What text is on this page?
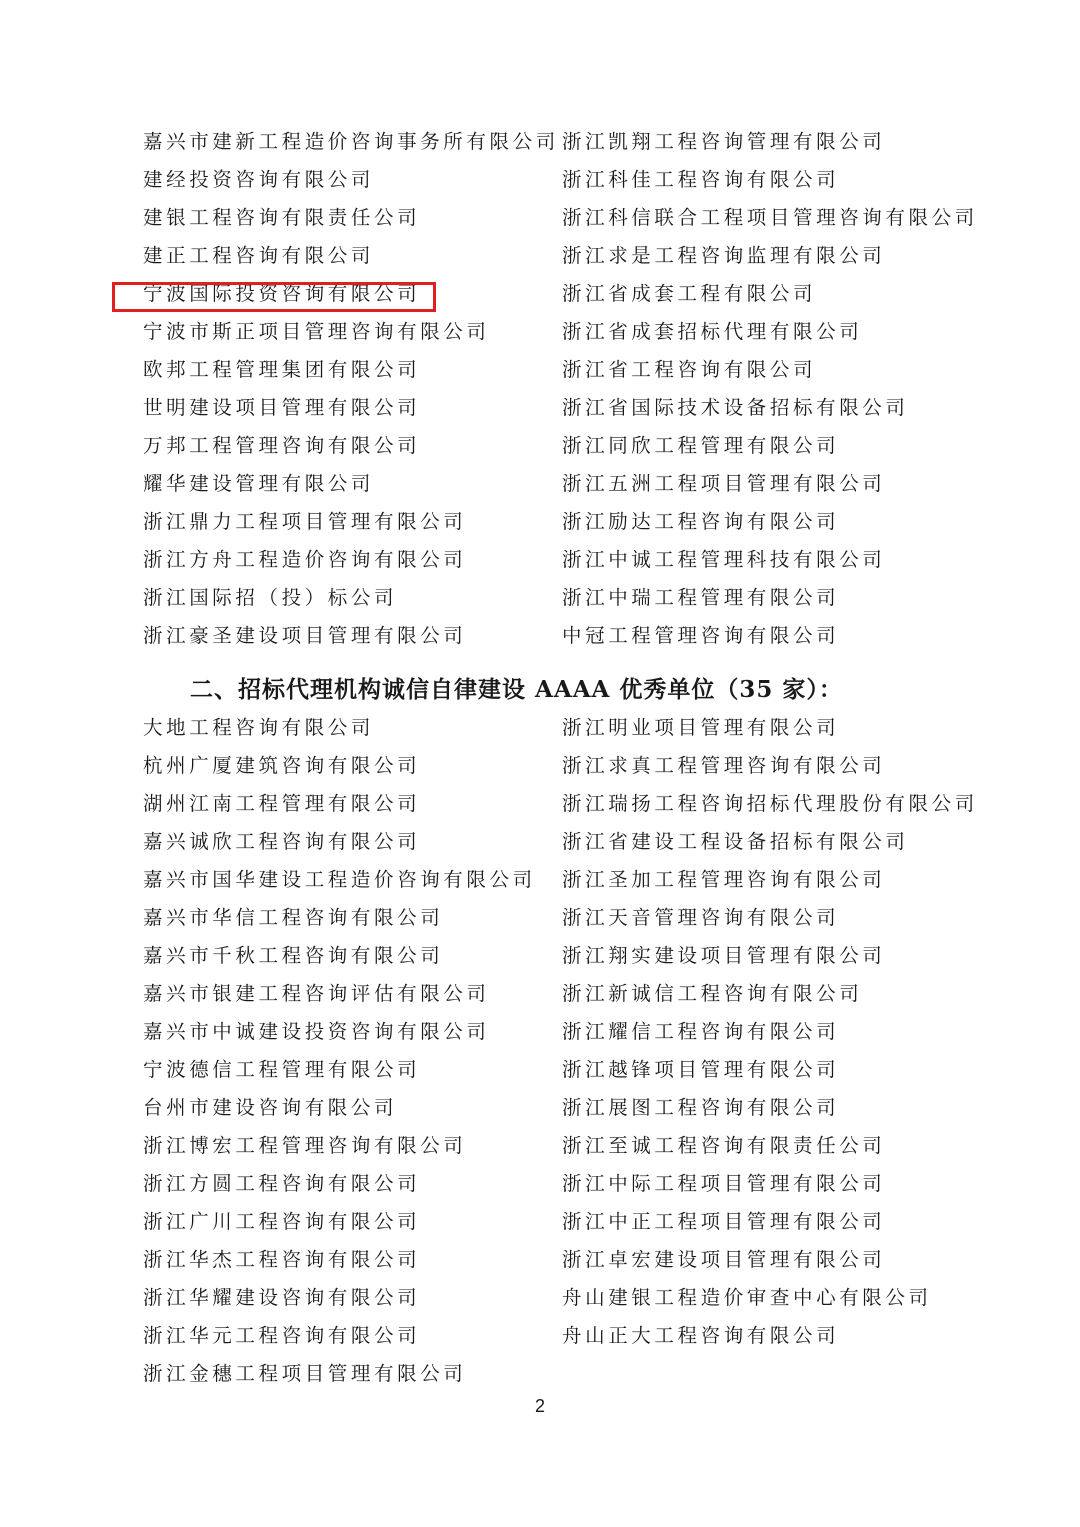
嘉兴市建新工程造价咨询事务所有限公司
建经投资咨询有限公司
建银工程咨询有限责任公司
建正工程咨询有限公司
宁波国际投资咨询有限公司
宁波市斯正项目管理咨询有限公司
欧邦工程管理集团有限公司
世明建设项目管理有限公司
万邦工程管理咨询有限公司
耀华建设管理有限公司
浙江鼎力工程项目管理有限公司
浙江方舟工程造价咨询有限公司
浙江国际招（投）标公司
浙江豪圣建设项目管理有限公司
浙江凯翔工程咨询管理有限公司
浙江科佳工程咨询有限公司
浙江科信联合工程项目管理咨询有限公司
浙江求是工程咨询监理有限公司
浙江省成套工程有限公司
浙江省成套招标代理有限公司
浙江省工程咨询有限公司
浙江省国际技术设备招标有限公司
浙江同欣工程管理有限公司
浙江五洲工程项目管理有限公司
浙江励达工程咨询有限公司
浙江中诚工程管理科技有限公司
浙江中瑞工程管理有限公司
中冠工程管理咨询有限公司
二、招标代理机构诚信自律建设 AAAA 优秀单位（35 家）：
大地工程咨询有限公司
杭州广厦建筑咨询有限公司
湖州江南工程管理有限公司
嘉兴诚欣工程咨询有限公司
嘉兴市国华建设工程造价咨询有限公司
嘉兴市华信工程咨询有限公司
嘉兴市千秋工程咨询有限公司
嘉兴市银建工程咨询评估有限公司
嘉兴市中诚建设投资咨询有限公司
宁波德信工程管理有限公司
台州市建设咨询有限公司
浙江博宏工程管理咨询有限公司
浙江方圆工程咨询有限公司
浙江广川工程咨询有限公司
浙江华杰工程咨询有限公司
浙江华耀建设咨询有限公司
浙江华元工程咨询有限公司
浙江金穗工程项目管理有限公司
浙江明业项目管理有限公司
浙江求真工程管理咨询有限公司
浙江瑞扬工程咨询招标代理股份有限公司
浙江省建设工程设备招标有限公司
浙江圣加工程管理咨询有限公司
浙江天音管理咨询有限公司
浙江翔实建设项目管理有限公司
浙江新诚信工程咨询有限公司
浙江耀信工程咨询有限公司
浙江越锋项目管理有限公司
浙江展图工程咨询有限公司
浙江至诚工程咨询有限责任公司
浙江中际工程项目管理有限公司
浙江中正工程项目管理有限公司
浙江卓宏建设项目管理有限公司
舟山建银工程造价审查中心有限公司
舟山正大工程咨询有限公司
2
